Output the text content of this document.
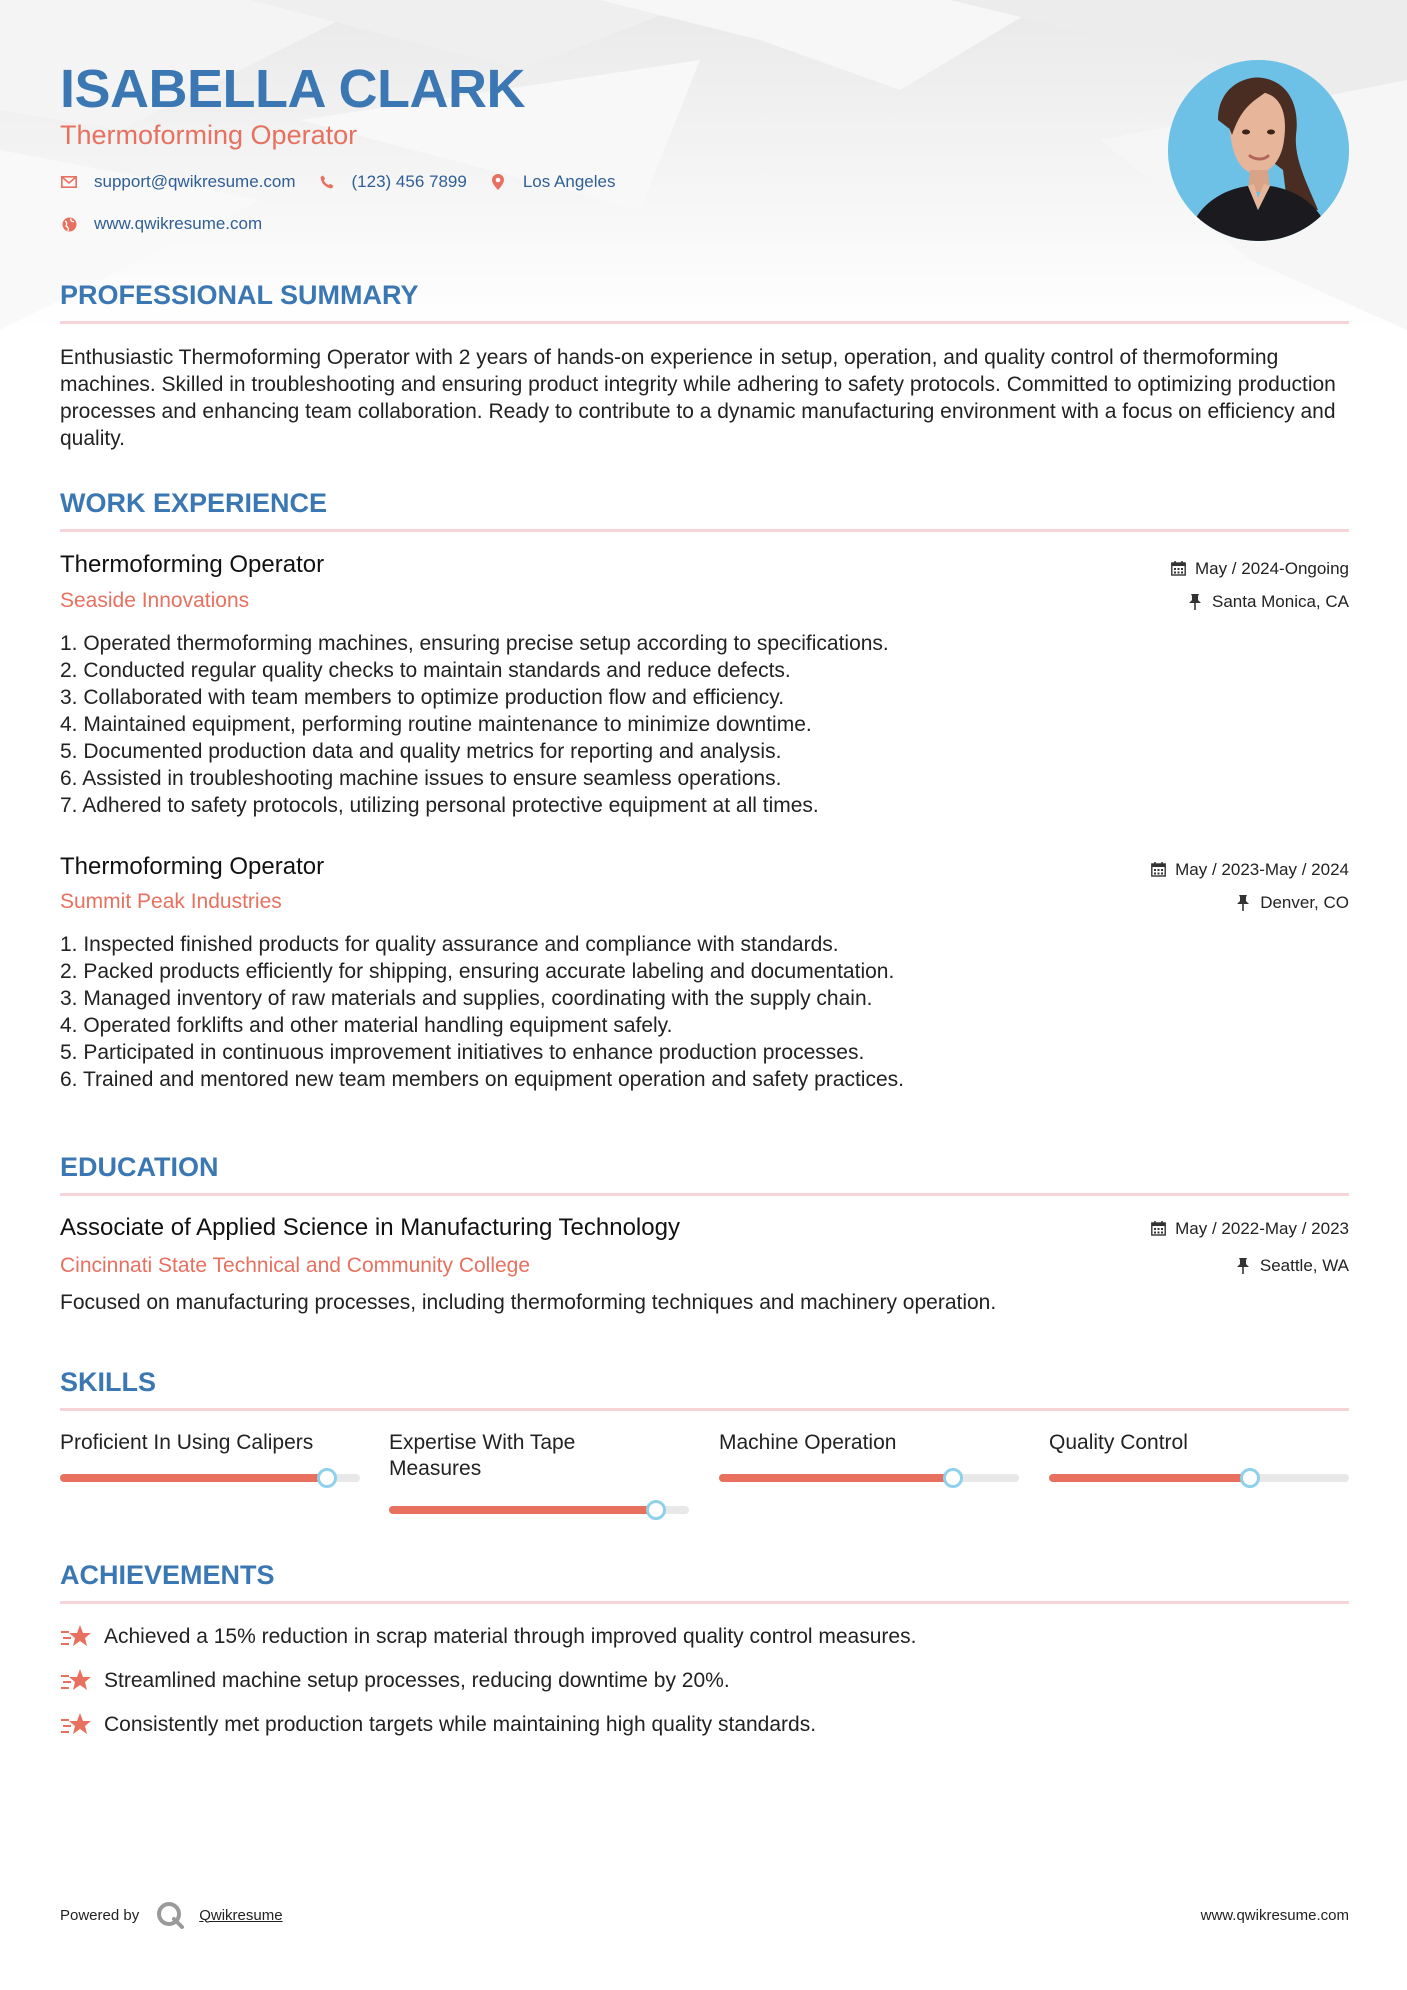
ISABELLA CLARK
Thermoforming Operator
support@qwikresume.com	(123) 456 7899	Los Angeles
www.qwikresume.com
PROFESSIONAL SUMMARY
Enthusiastic Thermoforming Operator with 2 years of hands-on experience in setup, operation, and quality control of thermoforming machines. Skilled in troubleshooting and ensuring product integrity while adhering to safety protocols. Committed to optimizing production processes and enhancing team collaboration. Ready to contribute to a dynamic manufacturing environment with a focus on efficiency and quality.
WORK EXPERIENCE
Thermoforming Operator
Seaside Innovations
May / 2024-Ongoing
Santa Monica, CA
1. Operated thermoforming machines, ensuring precise setup according to specifications.
2. Conducted regular quality checks to maintain standards and reduce defects.
3. Collaborated with team members to optimize production flow and efficiency.
4. Maintained equipment, performing routine maintenance to minimize downtime.
5. Documented production data and quality metrics for reporting and analysis.
6. Assisted in troubleshooting machine issues to ensure seamless operations.
7. Adhered to safety protocols, utilizing personal protective equipment at all times.
Thermoforming Operator
Summit Peak Industries
May / 2023-May / 2024
Denver, CO
1. Inspected finished products for quality assurance and compliance with standards.
2. Packed products efficiently for shipping, ensuring accurate labeling and documentation.
3. Managed inventory of raw materials and supplies, coordinating with the supply chain.
4. Operated forklifts and other material handling equipment safely.
5. Participated in continuous improvement initiatives to enhance production processes.
6. Trained and mentored new team members on equipment operation and safety practices.
EDUCATION
Associate of Applied Science in Manufacturing Technology
Cincinnati State Technical and Community College
May / 2022-May / 2023
Seattle, WA
Focused on manufacturing processes, including thermoforming techniques and machinery operation.
SKILLS
Proficient In Using Calipers	Expertise With Tape Measures
Machine Operation	Quality Control
ACHIEVEMENTS
Achieved a 15% reduction in scrap material through improved quality control measures.
Streamlined machine setup processes, reducing downtime by 20%.
Consistently met production targets while maintaining high quality standards.
Powered by	Qwikresume	www.qwikresume.com
